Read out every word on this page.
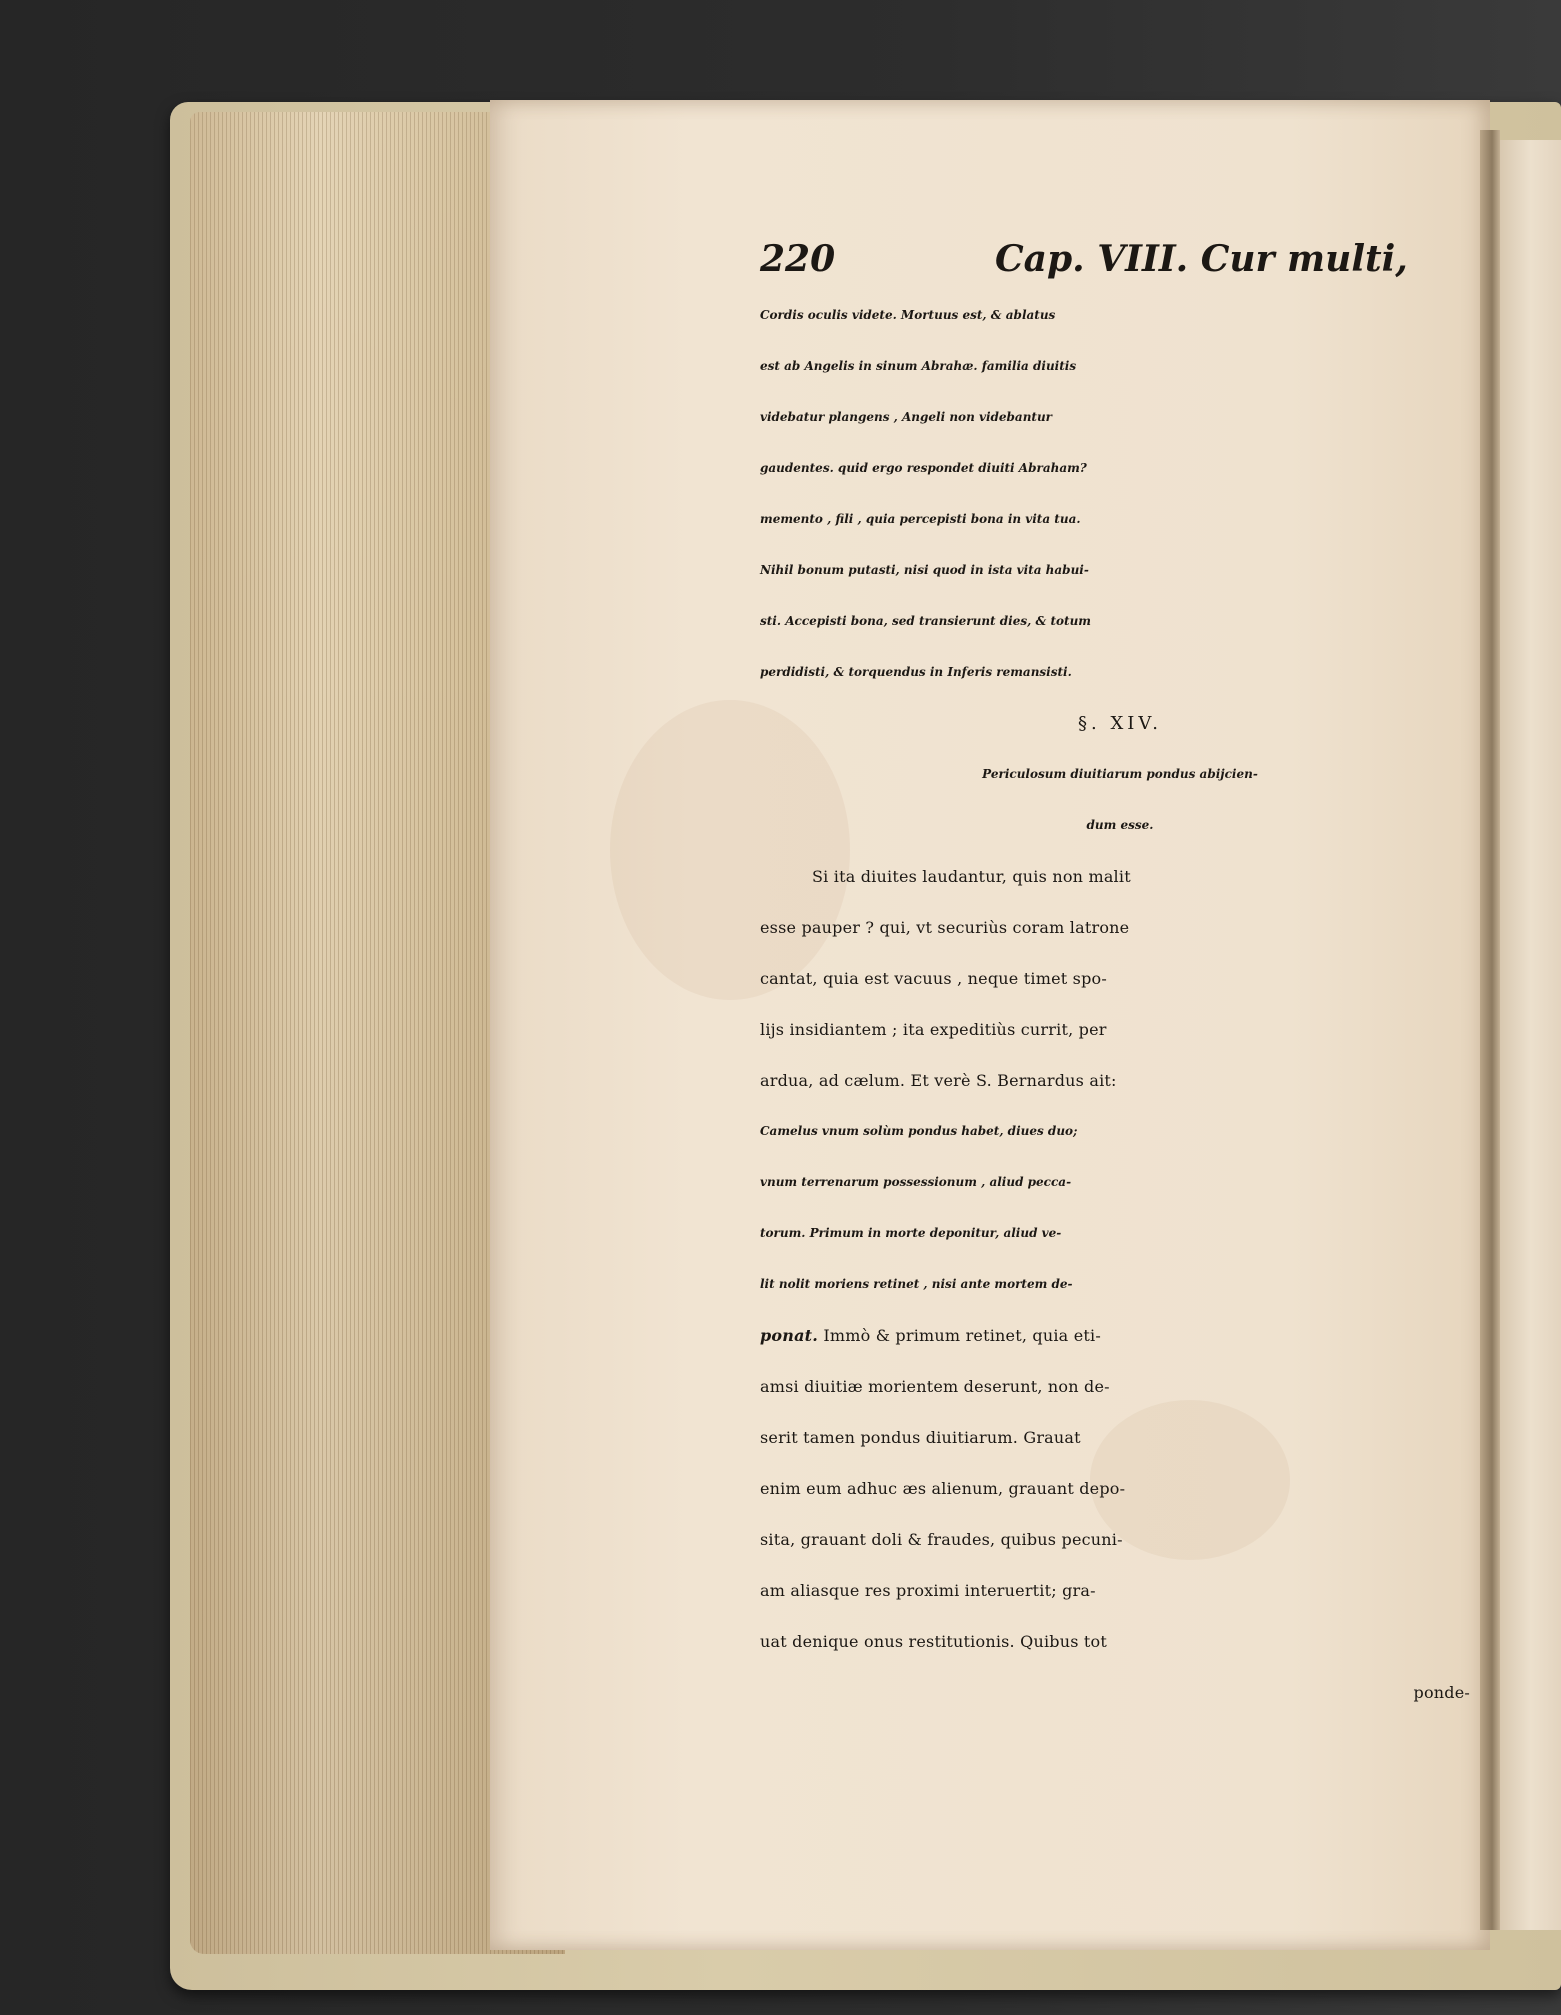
220	Cap. VIII. Cur multi,
Cordis oculis videte. Mortuus est, & ablatus
est ab Angelis in sinum Abrahæ. familia diuitis
videbatur plangens , Angeli non videbantur
gaudentes. quid ergo respondet diuiti Abraham?
memento , fili , quia percepisti bona in vita tua.
Nihil bonum putasti, nisi quod in ista vita habui-
sti. Accepisti bona, sed transierunt dies, & totum
perdidisti, & torquendus in Inferis remansisti.
§. XIV.
Periculosum diuitiarum pondus abijcien-
dum esse.
Si ita diuites laudantur, quis non malit
esse pauper ? qui, vt securiùs coram latrone
cantat, quia est vacuus , neque timet spo-
lijs insidiantem ; ita expeditiùs currit, per
ardua, ad cælum. Et verè S. Bernardus ait:
Camelus vnum solùm pondus habet, diues duo;
vnum terrenarum possessionum , aliud pecca-
torum. Primum in morte deponitur, aliud ve-
lit nolit moriens retinet , nisi ante mortem de-
ponat. Immò & primum retinet, quia eti-
amsi diuitiæ morientem deserunt, non de-
serit tamen pondus diuitiarum. Grauat
enim eum adhuc æs alienum, grauant depo-
sita, grauant doli & fraudes, quibus pecuni-
am aliasque res proximi interuertit; gra-
uat denique onus restitutionis. Quibus tot
ponde-
